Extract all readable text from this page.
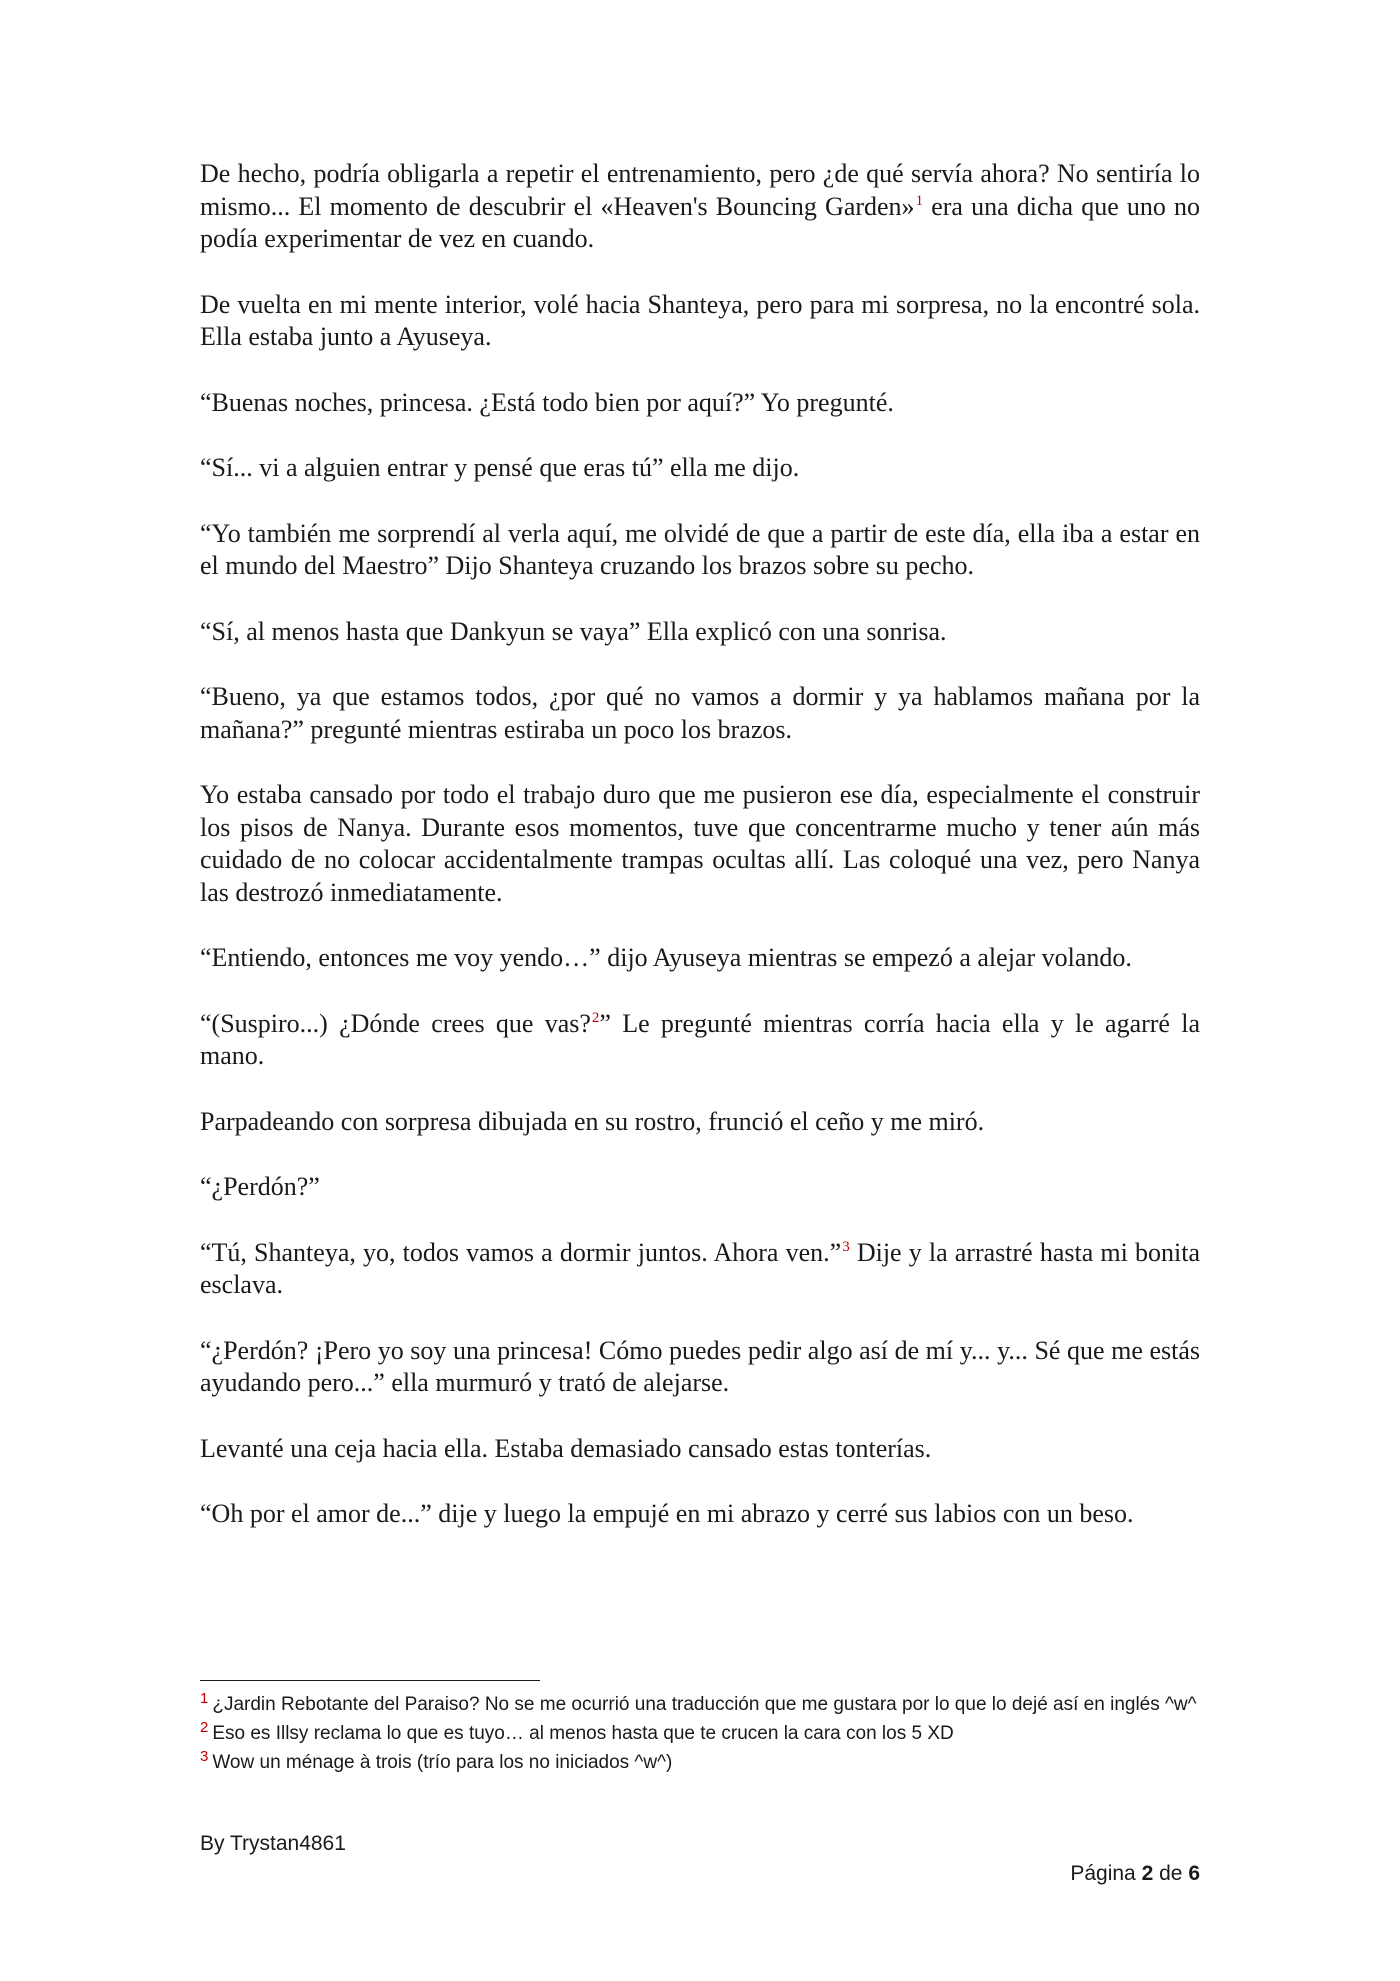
De hecho, podría obligarla a repetir el entrenamiento, pero ¿de qué servía ahora? No sentiría lo mismo... El momento de descubrir el «Heaven's Bouncing Garden»$^1$ era una dicha que uno no podía experimentar de vez en cuando.

De vuelta en mi mente interior, volé hacia Shanteya, pero para mi sorpresa, no la encontré sola. Ella estaba junto a Ayuseya.

“Buenas noches, princesa. ¿Está todo bien por aquí?” Yo pregunté.

“Sí... vi a alguien entrar y pensé que eras tú” ella me dijo.

“Yo también me sorprendí al verla aquí, me olvidé de que a partir de este día, ella iba a estar en el mundo del Maestro” Dijo Shanteya cruzando los brazos sobre su pecho.

“Sí, al menos hasta que Dankyun se vaya” Ella explicó con una sonrisa.

“Bueno, ya que estamos todos, ¿por qué no vamos a dormir y ya hablamos mañana por la mañana?” pregunté mientras estiraba un poco los brazos.

Yo estaba cansado por todo el trabajo duro que me pusieron ese día, especialmente el construir los pisos de Nanya. Durante esos momentos, tuve que concentrarme mucho y tener aún más cuidado de no colocar accidentalmente trampas ocultas allí. Las coloqué una vez, pero Nanya las destrozó inmediatamente.

“Entiendo, entonces me voy yendo…” dijo Ayuseya mientras se empezó a alejar volando.

“(Suspiro...) ¿Dónde crees que vas?$^2$” Le pregunté mientras corría hacia ella y le agarré la mano.

Parpadeando con sorpresa dibujada en su rostro, frunció el ceño y me miró.

“¿Perdón?”

“Tú, Shanteya, yo, todos vamos a dormir juntos. Ahora ven.”$^3$ Dije y la arrastré hasta mi bonita esclava.

“¿Perdón? ¡Pero yo soy una princesa! Cómo puedes pedir algo así de mí y... y... Sé que me estás ayudando pero...” ella murmuró y trató de alejarse.

Levanté una ceja hacia ella. Estaba demasiado cansado estas tonterías.

“Oh por el amor de...” dije y luego la empujé en mi abrazo y cerré sus labios con un beso.

$^1$ ¿Jardin Rebotante del Paraiso? No se me ocurrió una traducción que me gustara por lo que lo dejé así en inglés ^w^

$^2$ Eso es Illsy reclama lo que es tuyo… al menos hasta que te crucen la cara con los 5 XD

$^3$ Wow un ménage à trois (trío para los no iniciados ^w^)

By Trystan4861
Página 2 de 6
